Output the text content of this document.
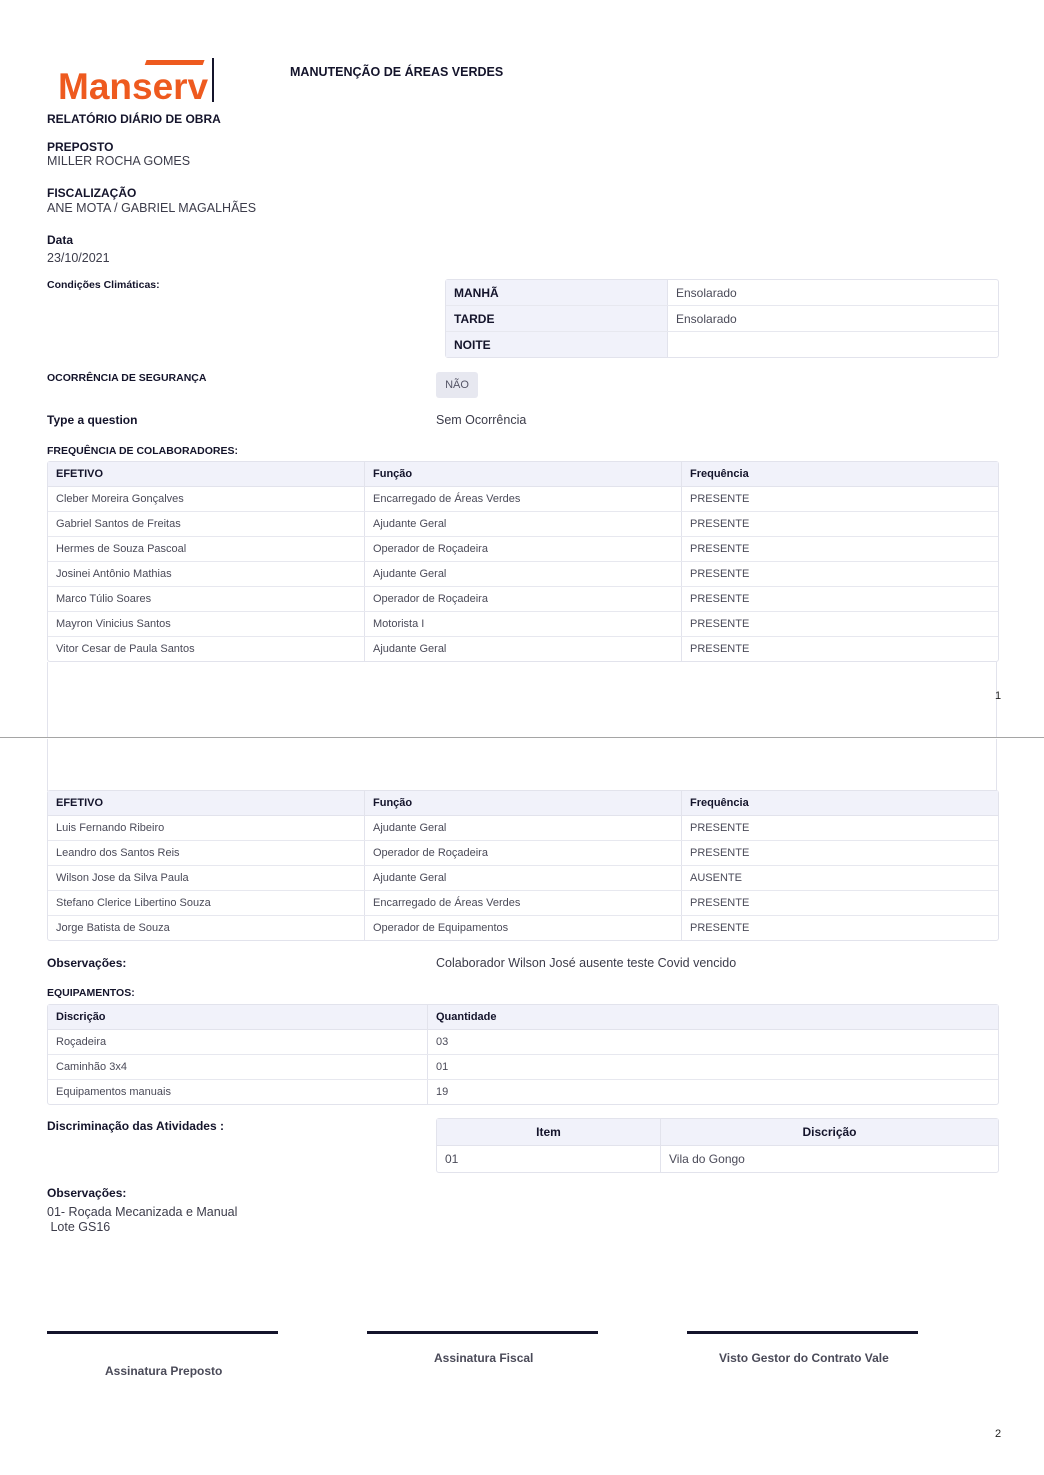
Manserv	MANUTENÇÃO DE ÁREAS VERDES
RELATÓRIO DIÁRIO DE OBRA
PREPOSTO
MILLER ROCHA GOMES
FISCALIZAÇÃO
ANE MOTA / GABRIEL MAGALHÃES
Data
23/10/2021
Condições Climáticas:
MANHÃ	Ensolarado
TARDE	Ensolarado
NOITE	
OCORRÊNCIA DE SEGURANÇA
NÃO
Type a question	Sem Ocorrência
FREQUÊNCIA DE COLABORADORES:
EFETIVO	Função	Frequência
Cleber Moreira Gonçalves	Encarregado de Áreas Verdes	PRESENTE
Gabriel Santos de Freitas	Ajudante Geral	PRESENTE
Hermes de Souza Pascoal	Operador de Roçadeira	PRESENTE
Josinei Antônio Mathias	Ajudante Geral	PRESENTE
Marco Túlio Soares	Operador de Roçadeira	PRESENTE
Mayron Vinicius Santos	Motorista I	PRESENTE
Vitor Cesar de Paula Santos	Ajudante Geral	PRESENTE
1
EFETIVO	Função	Frequência
Luis Fernando Ribeiro	Ajudante Geral	PRESENTE
Leandro dos Santos Reis	Operador de Roçadeira	PRESENTE
Wilson Jose da Silva Paula	Ajudante Geral	AUSENTE
Stefano Clerice Libertino Souza	Encarregado de Áreas Verdes	PRESENTE
Jorge Batista de Souza	Operador de Equipamentos	PRESENTE
Observações:	Colaborador Wilson José ausente teste Covid vencido
EQUIPAMENTOS:
Discrição	Quantidade
Roçadeira	03
Caminhão 3x4	01
Equipamentos manuais	19
Discriminação das Atividades :	Item	Discrição
01	Vila do Gongo
Observações:
01- Roçada Mecanizada e Manual
Lote GS16
Assinatura Preposto
Assinatura Fiscal	Visto Gestor do Contrato Vale
2
